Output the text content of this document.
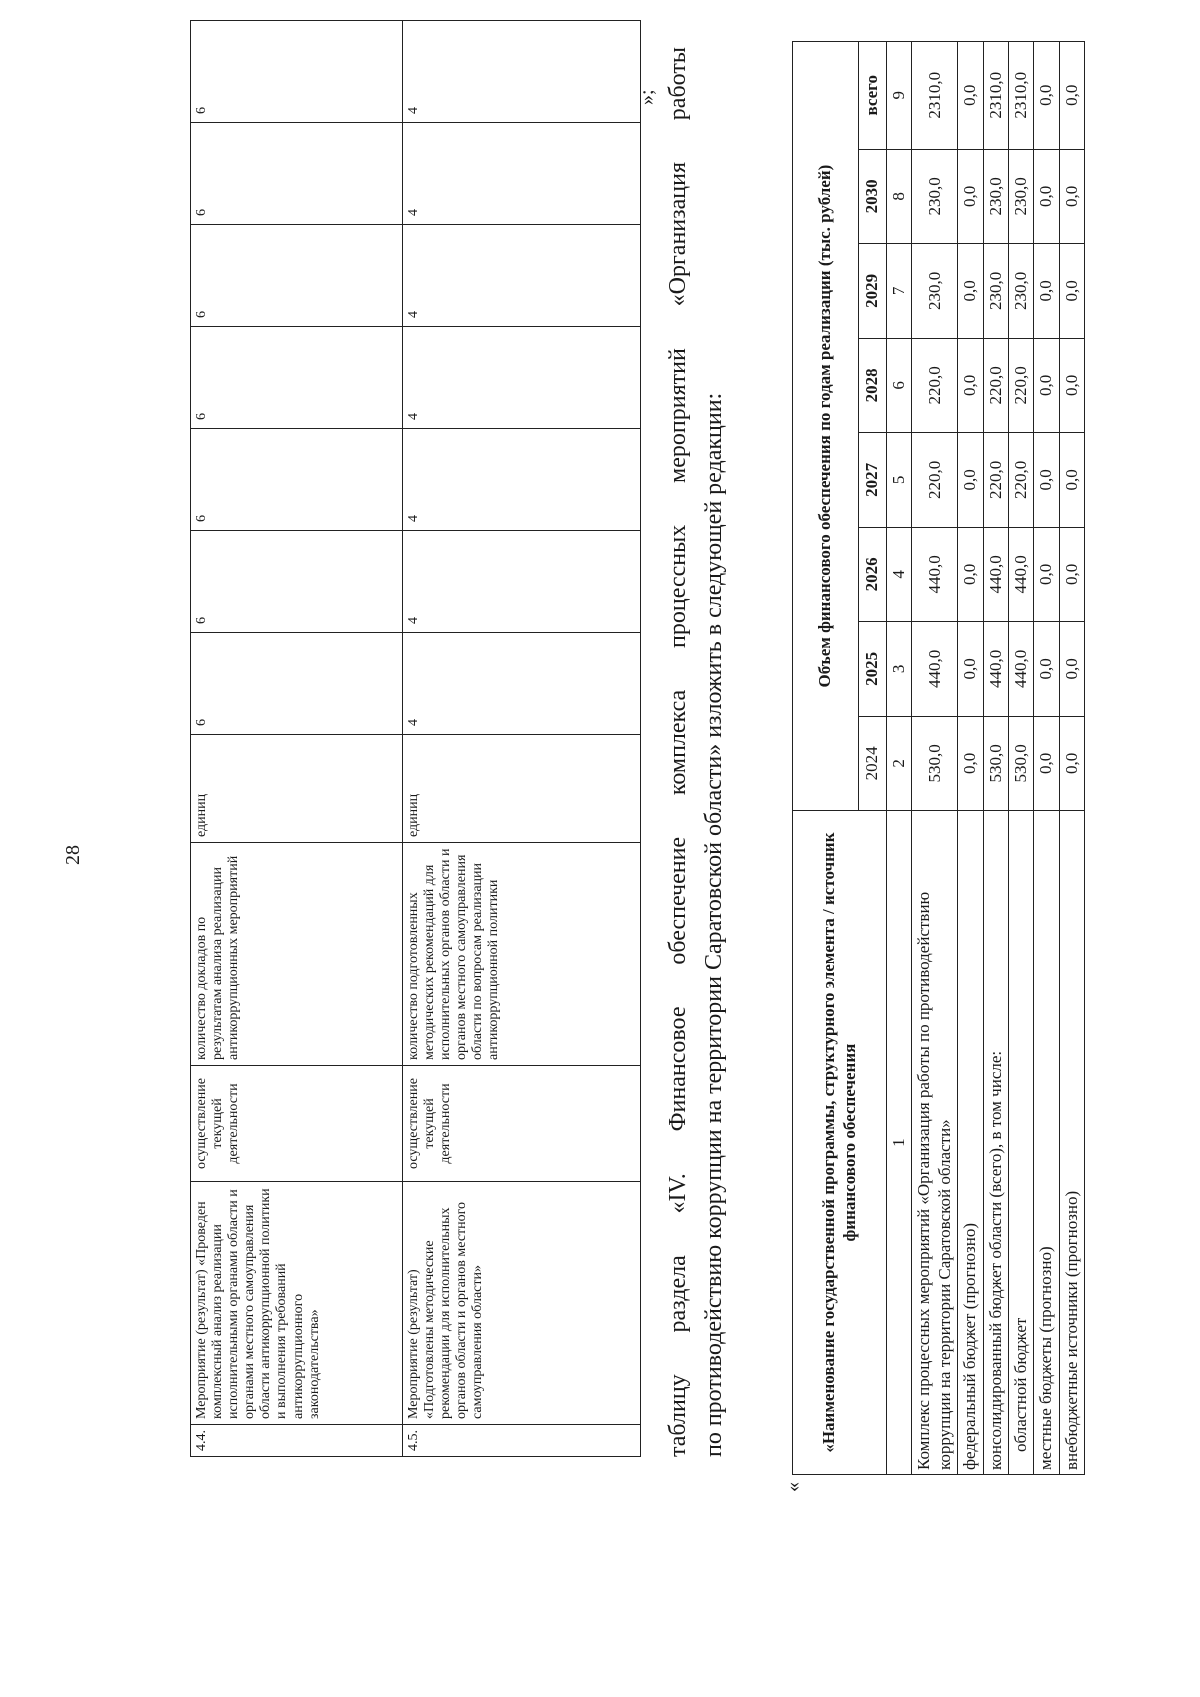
28
4.4.	Мероприятие (результат) «Проведен комплексный анализ реализации исполнительными органами области и органами местного самоуправления области антикоррупционной политики и выполнения требований антикоррупционного законодательства»	осуществление текущей деятельности	количество докладов по результатам анализа реализации антикоррупционных мероприятий	единиц	6	6	6	6	6	6	6
4.5.	Мероприятие (результат) «Подготовлены методические рекомендации для исполнительных органов области и органов местного самоуправления области»	осуществление текущей деятельности	количество подготовленных методических рекомендаций для исполнительных органов области и органов местного самоуправления области по вопросам реализации антикоррупционной политики	единиц	4	4	4	4	4	4	4
»;
таблицу
раздела
«IV.
Финансовое
обеспечение
комплекса
процессных
мероприятий
«Организация
работы
по противодействию коррупции на территории Саратовской области» изложить в следующей редакции:
«
«Наименование государственной программы, структурного элемента / источник финансового обеспечения	Объем финансового обеспечения по годам реализации (тыс. рублей)							
	2024	2025	2026	2027	2028	2029	2030	всего
1	2	3	4	5	6	7	8	9
Комплекс процессных мероприятий «Организация работы по противодействию коррупции на территории Саратовской области»	530,0	440,0	440,0	220,0	220,0	230,0	230,0	2310,0
федеральный бюджет (прогнозно)	0,0	0,0	0,0	0,0	0,0	0,0	0,0	0,0
консолидированный бюджет области (всего), в том числе:	530,0	440,0	440,0	220,0	220,0	230,0	230,0	2310,0
областной бюджет	530,0	440,0	440,0	220,0	220,0	230,0	230,0	2310,0
местные бюджеты (прогнозно)	0,0	0,0	0,0	0,0	0,0	0,0	0,0	0,0
внебюджетные источники (прогнозно)	0,0	0,0	0,0	0,0	0,0	0,0	0,0	0,0
